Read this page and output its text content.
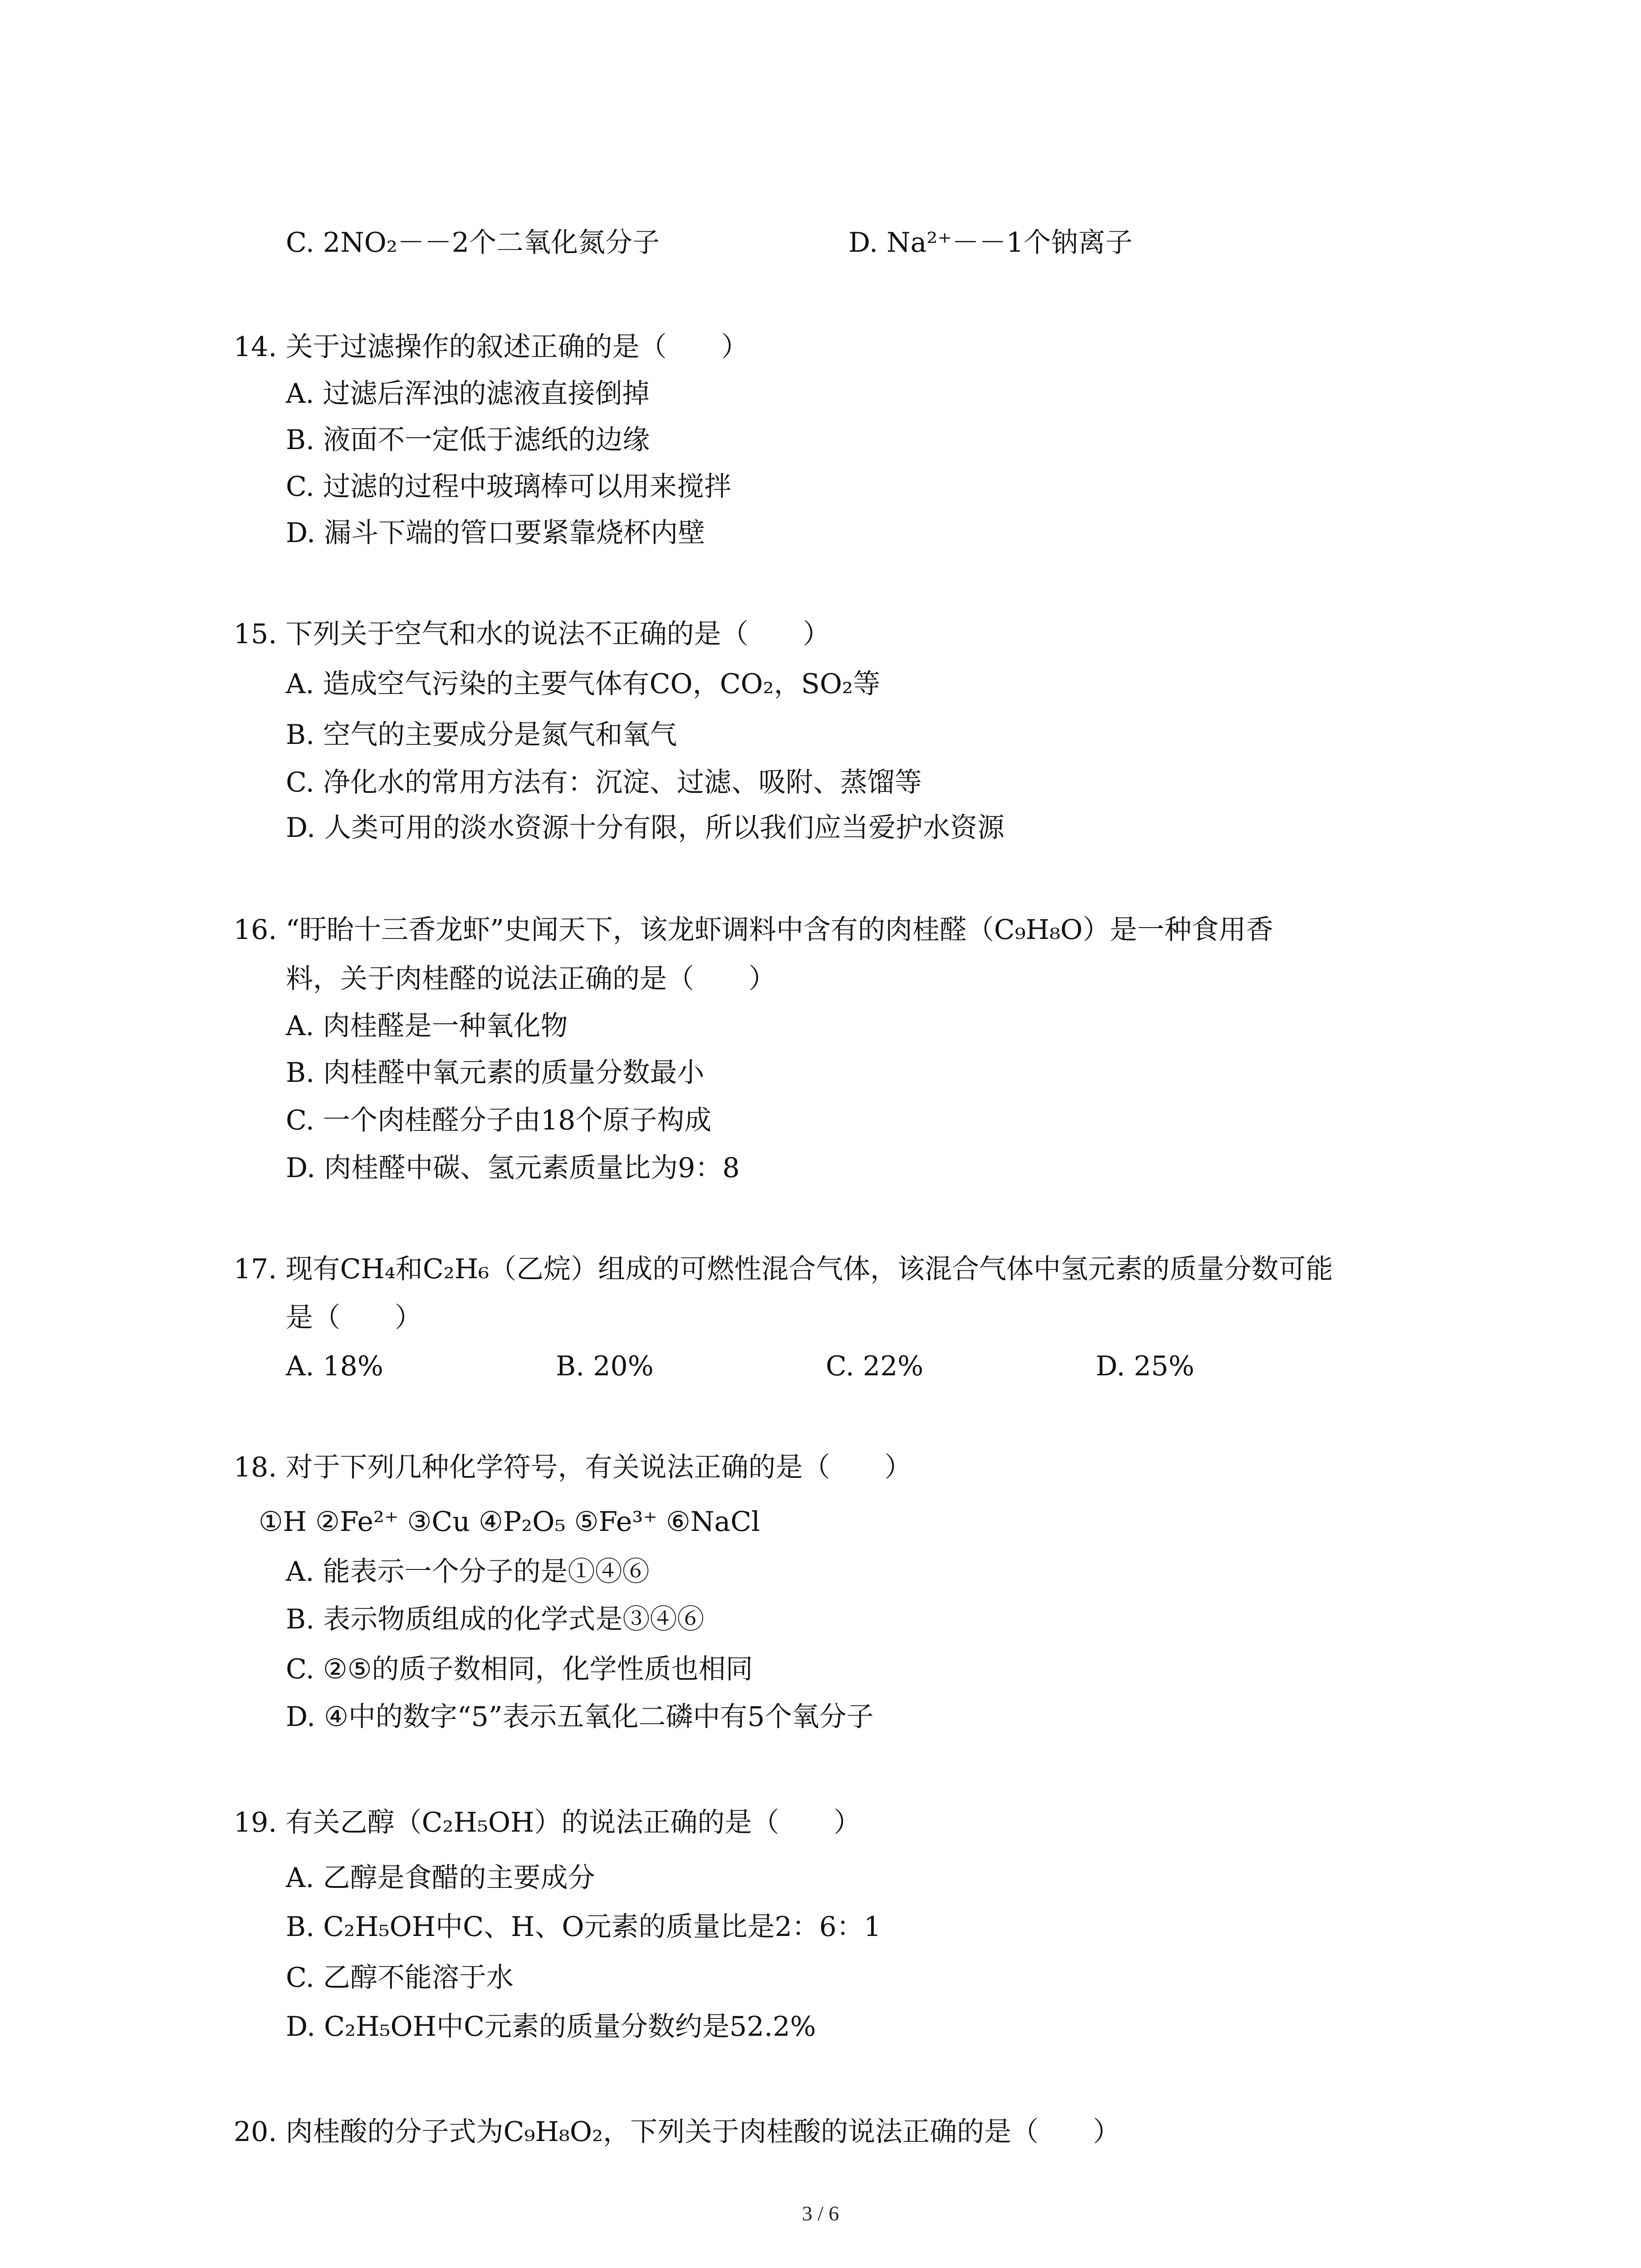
C. 2NO₂－－2个二氧化氮分子	D. Na²⁺－－1个钠离子
14. 关于过滤操作的叙述正确的是（　　）
A. 过滤后浑浊的滤液直接倒掉
B. 液面不一定低于滤纸的边缘
C. 过滤的过程中玻璃棒可以用来搅拌
D. 漏斗下端的管口要紧靠烧杯内壁
15. 下列关于空气和水的说法不正确的是（　　）
A. 造成空气污染的主要气体有CO，CO₂，SO₂等
B. 空气的主要成分是氮气和氧气
C. 净化水的常用方法有：沉淀、过滤、吸附、蒸馏等
D. 人类可用的淡水资源十分有限，所以我们应当爱护水资源
16. “盱眙十三香龙虾”史闻天下，该龙虾调料中含有的肉桂醛（C₉H₈O）是一种食用香
料，关于肉桂醛的说法正确的是（　　）
A. 肉桂醛是一种氧化物
B. 肉桂醛中氧元素的质量分数最小
C. 一个肉桂醛分子由18个原子构成
D. 肉桂醛中碳、氢元素质量比为9：8
17. 现有CH₄和C₂H₆（乙烷）组成的可燃性混合气体，该混合气体中氢元素的质量分数可能
是（　　）
A. 18%	B. 20%	C. 22%	D. 25%
18. 对于下列几种化学符号，有关说法正确的是（　　）
①H ②Fe²⁺ ③Cu ④P₂O₅ ⑤Fe³⁺ ⑥NaCl
A. 能表示一个分子的是①④⑥
B. 表示物质组成的化学式是③④⑥
C. ②⑤的质子数相同，化学性质也相同
D. ④中的数字“5”表示五氧化二磷中有5个氧分子
19. 有关乙醇（C₂H₅OH）的说法正确的是（　　）
A. 乙醇是食醋的主要成分
B. C₂H₅OH中C、H、O元素的质量比是2：6：1
C. 乙醇不能溶于水
D. C₂H₅OH中C元素的质量分数约是52.2%
20. 肉桂酸的分子式为C₉H₈O₂，下列关于肉桂酸的说法正确的是（　　）
3 / 6
